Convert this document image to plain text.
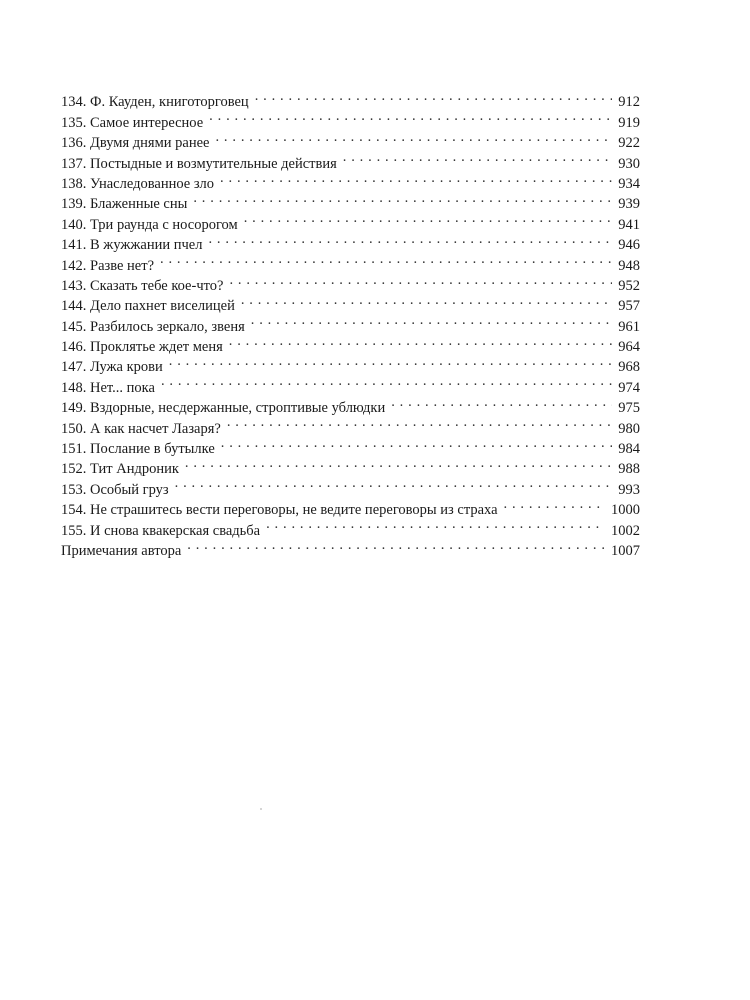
134. Ф. Кауден, книготорговец . . .	912
135. Самое интересное . . .	919
136. Двумя днями ранее . . .	922
137. Постыдные и возмутительные действия . . .	930
138. Унаследованное зло . . .	934
139. Блаженные сны . . .	939
140. Три раунда с носорогом . . .	941
141. В жужжании пчел . . .	946
142. Разве нет? . . .	948
143. Сказать тебе кое-что? . . .	952
144. Дело пахнет виселицей . . .	957
145. Разбилось зеркало, звеня . . .	961
146. Проклятье ждет меня . . .	964
147. Лужа крови . . .	968
148. Нет... пока . . .	974
149. Вздорные, несдержанные, строптивые ублюдки . . .	975
150. А как насчет Лазаря? . . .	980
151. Послание в бутылке . . .	984
152. Тит Андроник . . .	988
153. Особый груз . . .	993
154. Не страшитесь вести переговоры, не ведите переговоры из страха . . .	1000
155. И снова квакерская свадьба . . .	1002
Примечания автора . . .	1007
